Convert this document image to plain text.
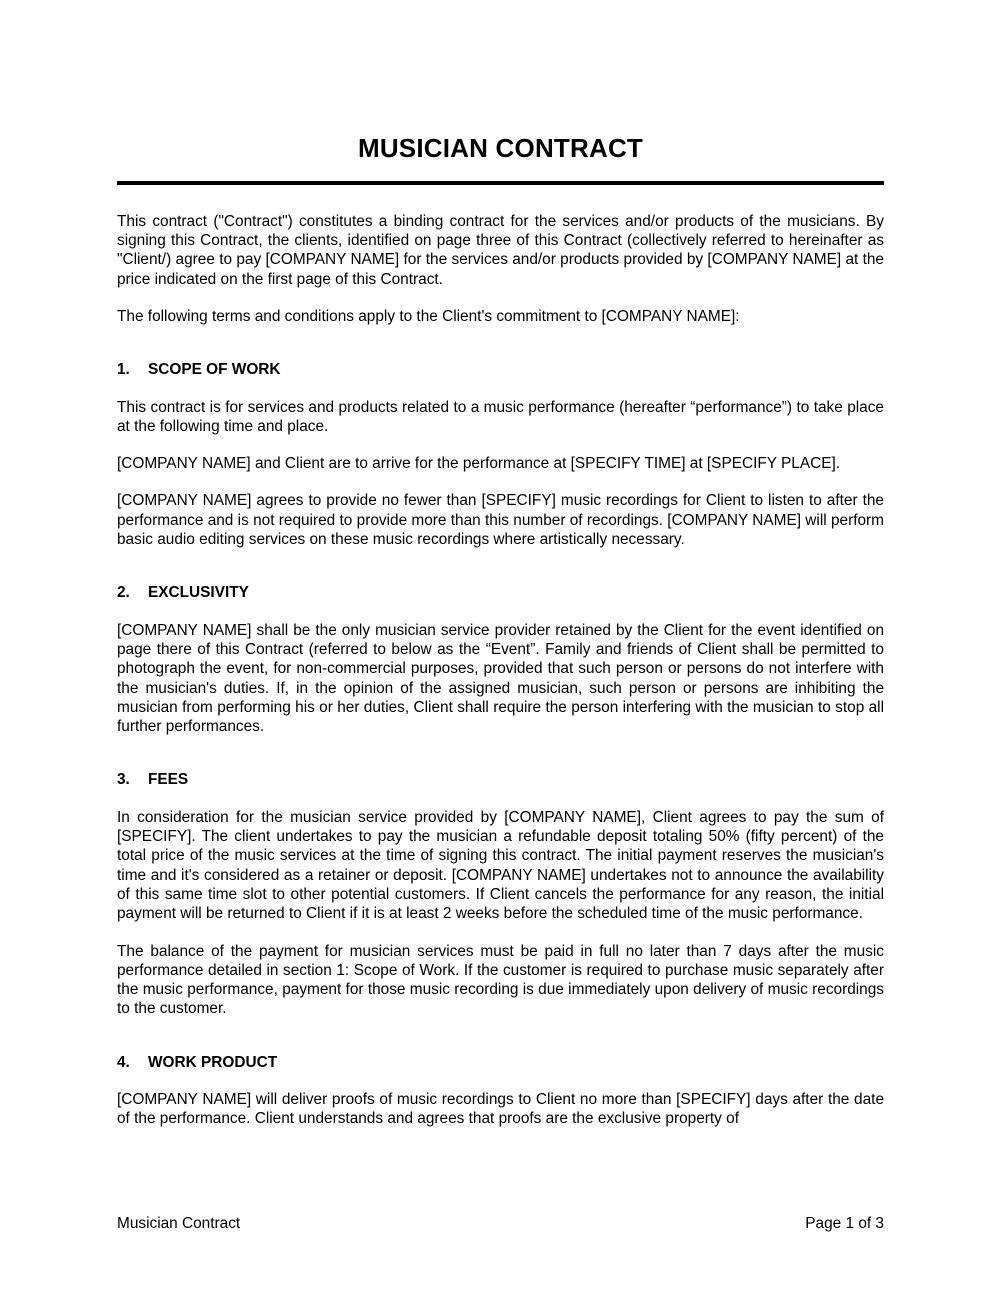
MUSICIAN CONTRACT

This contract ("Contract") constitutes a binding contract for the services and/or products of the musicians. By signing this Contract, the clients, identified on page three of this Contract (collectively referred to hereinafter as "Client/) agree to pay [COMPANY NAME] for the services and/or products provided by [COMPANY NAME] at the price indicated on the first page of this Contract.

The following terms and conditions apply to the Client's commitment to [COMPANY NAME]:

1.	SCOPE OF WORK

This contract is for services and products related to a music performance (hereafter “performance”) to take place at the following time and place.

[COMPANY NAME] and Client are to arrive for the performance at [SPECIFY TIME] at [SPECIFY PLACE].

[COMPANY NAME] agrees to provide no fewer than [SPECIFY] music recordings for Client to listen to after the performance and is not required to provide more than this number of recordings. [COMPANY NAME] will perform basic audio editing services on these music recordings where artistically necessary.

2.	EXCLUSIVITY

[COMPANY NAME] shall be the only musician service provider retained by the Client for the event identified on page there of this Contract (referred to below as the “Event”. Family and friends of Client shall be permitted to photograph the event, for non-commercial purposes, provided that such person or persons do not interfere with the musician's duties. If, in the opinion of the assigned musician, such person or persons are inhibiting the musician from performing his or her duties, Client shall require the person interfering with the musician to stop all further performances.

3.	FEES

In consideration for the musician service provided by [COMPANY NAME], Client agrees to pay the sum of [SPECIFY]. The client undertakes to pay the musician a refundable deposit totaling 50% (fifty percent) of the total price of the music services at the time of signing this contract. The initial payment reserves the musician's time and it's considered as a retainer or deposit. [COMPANY NAME] undertakes not to announce the availability of this same time slot to other potential customers. If Client cancels the performance for any reason, the initial payment will be returned to Client if it is at least 2 weeks before the scheduled time of the music performance.

The balance of the payment for musician services must be paid in full no later than 7 days after the music performance detailed in section 1: Scope of Work. If the customer is required to purchase music separately after the music performance, payment for those music recording is due immediately upon delivery of music recordings to the customer.

4.	WORK PRODUCT

[COMPANY NAME] will deliver proofs of music recordings to Client no more than [SPECIFY] days after the date of the performance. Client understands and agrees that proofs are the exclusive property of

Musician Contract	Page 1 of 3
